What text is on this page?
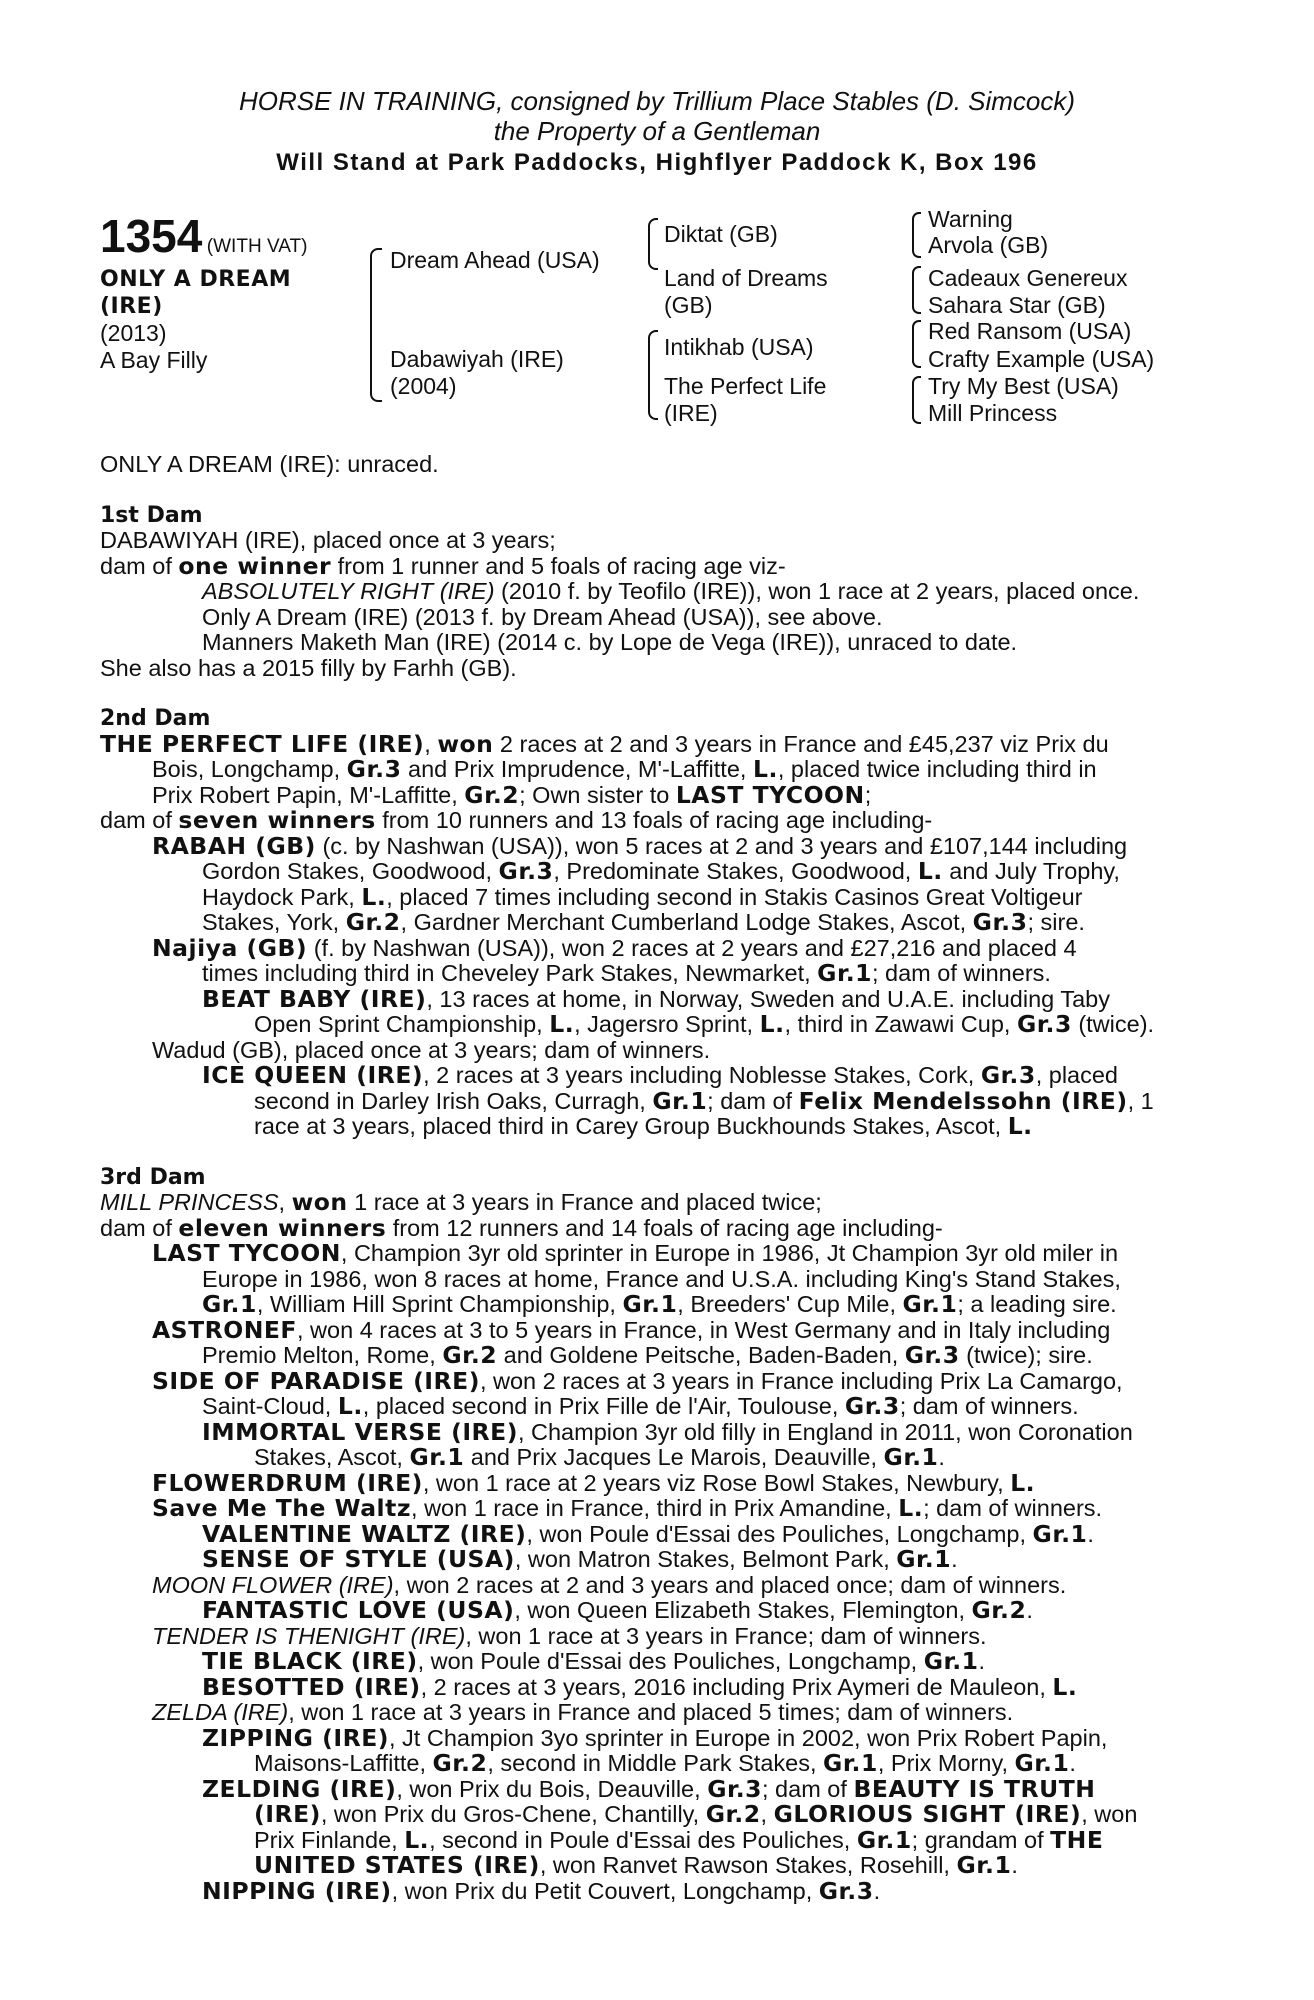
HORSE IN TRAINING, consigned by Trillium Place Stables (D. Simcock)
the Property of a Gentleman
Will Stand at Park Paddocks, Highflyer Paddock K, Box 196
1354 (WITH VAT)
ONLY A DREAM
(IRE)
(2013)
A Bay Filly
Dream Ahead (USA)
Dabawiyah (IRE)
(2004)
Diktat (GB)
Land of Dreams
(GB)
Intikhab (USA)
The Perfect Life
(IRE)
Warning
Arvola (GB)
Cadeaux Genereux
Sahara Star (GB)
Red Ransom (USA)
Crafty Example (USA)
Try My Best (USA)
Mill Princess

ONLY A DREAM (IRE): unraced.

1st Dam

DABAWIYAH (IRE), placed once at 3 years;

dam of one winner from 1 runner and 5 foals of racing age viz-

ABSOLUTELY RIGHT (IRE) (2010 f. by Teofilo (IRE)), won 1 race at 2 years, placed once.

Only A Dream (IRE) (2013 f. by Dream Ahead (USA)), see above.

Manners Maketh Man (IRE) (2014 c. by Lope de Vega (IRE)), unraced to date.

She also has a 2015 filly by Farhh (GB).

2nd Dam

THE PERFECT LIFE (IRE), won 2 races at 2 and 3 years in France and £45,237 viz Prix du

Bois, Longchamp, Gr.3 and Prix Imprudence, M'-Laffitte, L., placed twice including third in

Prix Robert Papin, M'-Laffitte, Gr.2; Own sister to LAST TYCOON;

dam of seven winners from 10 runners and 13 foals of racing age including-

RABAH (GB) (c. by Nashwan (USA)), won 5 races at 2 and 3 years and £107,144 including

Gordon Stakes, Goodwood, Gr.3, Predominate Stakes, Goodwood, L. and July Trophy,

Haydock Park, L., placed 7 times including second in Stakis Casinos Great Voltigeur

Stakes, York, Gr.2, Gardner Merchant Cumberland Lodge Stakes, Ascot, Gr.3; sire.

Najiya (GB) (f. by Nashwan (USA)), won 2 races at 2 years and £27,216 and placed 4

times including third in Cheveley Park Stakes, Newmarket, Gr.1; dam of winners.

BEAT BABY (IRE), 13 races at home, in Norway, Sweden and U.A.E. including Taby

Open Sprint Championship, L., Jagersro Sprint, L., third in Zawawi Cup, Gr.3 (twice).

Wadud (GB), placed once at 3 years; dam of winners.

ICE QUEEN (IRE), 2 races at 3 years including Noblesse Stakes, Cork, Gr.3, placed

second in Darley Irish Oaks, Curragh, Gr.1; dam of Felix Mendelssohn (IRE), 1

race at 3 years, placed third in Carey Group Buckhounds Stakes, Ascot, L.

3rd Dam

MILL PRINCESS, won 1 race at 3 years in France and placed twice;

dam of eleven winners from 12 runners and 14 foals of racing age including-

LAST TYCOON, Champion 3yr old sprinter in Europe in 1986, Jt Champion 3yr old miler in

Europe in 1986, won 8 races at home, France and U.S.A. including King's Stand Stakes,

Gr.1, William Hill Sprint Championship, Gr.1, Breeders' Cup Mile, Gr.1; a leading sire.

ASTRONEF, won 4 races at 3 to 5 years in France, in West Germany and in Italy including

Premio Melton, Rome, Gr.2 and Goldene Peitsche, Baden-Baden, Gr.3 (twice); sire.

SIDE OF PARADISE (IRE), won 2 races at 3 years in France including Prix La Camargo,

Saint-Cloud, L., placed second in Prix Fille de l'Air, Toulouse, Gr.3; dam of winners.

IMMORTAL VERSE (IRE), Champion 3yr old filly in England in 2011, won Coronation

Stakes, Ascot, Gr.1 and Prix Jacques Le Marois, Deauville, Gr.1.

FLOWERDRUM (IRE), won 1 race at 2 years viz Rose Bowl Stakes, Newbury, L.

Save Me The Waltz, won 1 race in France, third in Prix Amandine, L.; dam of winners.

VALENTINE WALTZ (IRE), won Poule d'Essai des Pouliches, Longchamp, Gr.1.

SENSE OF STYLE (USA), won Matron Stakes, Belmont Park, Gr.1.

MOON FLOWER (IRE), won 2 races at 2 and 3 years and placed once; dam of winners.

FANTASTIC LOVE (USA), won Queen Elizabeth Stakes, Flemington, Gr.2.

TENDER IS THENIGHT (IRE), won 1 race at 3 years in France; dam of winners.

TIE BLACK (IRE), won Poule d'Essai des Pouliches, Longchamp, Gr.1.

BESOTTED (IRE), 2 races at 3 years, 2016 including Prix Aymeri de Mauleon, L.

ZELDA (IRE), won 1 race at 3 years in France and placed 5 times; dam of winners.

ZIPPING (IRE), Jt Champion 3yo sprinter in Europe in 2002, won Prix Robert Papin,

Maisons-Laffitte, Gr.2, second in Middle Park Stakes, Gr.1, Prix Morny, Gr.1.

ZELDING (IRE), won Prix du Bois, Deauville, Gr.3; dam of BEAUTY IS TRUTH

(IRE), won Prix du Gros-Chene, Chantilly, Gr.2, GLORIOUS SIGHT (IRE), won

Prix Finlande, L., second in Poule d'Essai des Pouliches, Gr.1; grandam of THE

UNITED STATES (IRE), won Ranvet Rawson Stakes, Rosehill, Gr.1.

NIPPING (IRE), won Prix du Petit Couvert, Longchamp, Gr.3.
